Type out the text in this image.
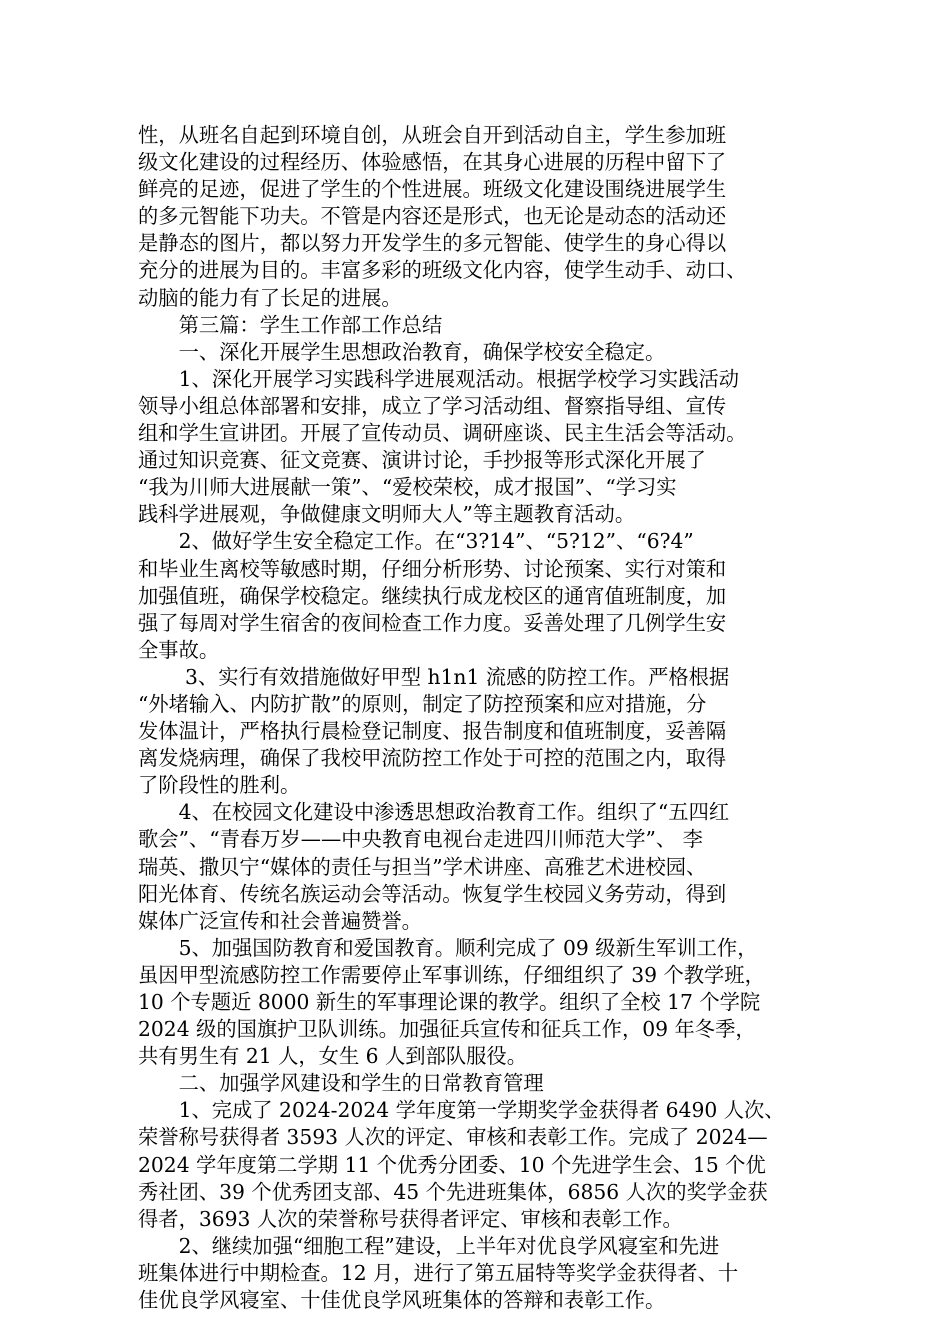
性，从班名自起到环境自创，从班会自开到活动自主，学生参加班
级文化建设的过程经历、体验感悟，在其身心进展的历程中留下了
鲜亮的足迹，促进了学生的个性进展。班级文化建设围绕进展学生
的多元智能下功夫。不管是内容还是形式，也无论是动态的活动还
是静态的图片，都以努力开发学生的多元智能、使学生的身心得以
充分的进展为目的。丰富多彩的班级文化内容，使学生动手、动口、
动脑的能力有了长足的进展。
　　第三篇：学生工作部工作总结
　　一、深化开展学生思想政治教育，确保学校安全稳定。
　　1、深化开展学习实践科学进展观活动。根据学校学习实践活动
领导小组总体部署和安排，成立了学习活动组、督察指导组、宣传
组和学生宣讲团。开展了宣传动员、调研座谈、民主生活会等活动。
通过知识竞赛、征文竞赛、演讲讨论，手抄报等形式深化开展了
“我为川师大进展献一策”、“爱校荣校，成才报国”、“学习实
践科学进展观，争做健康文明师大人”等主题教育活动。
　　2、做好学生安全稳定工作。在“3?14”、“5?12”、“6?4”
和毕业生离校等敏感时期，仔细分析形势、讨论预案、实行对策和
加强值班，确保学校稳定。继续执行成龙校区的通宵值班制度，加
强了每周对学生宿舍的夜间检查工作力度。妥善处理了几例学生安
全事故。
　　 3、实行有效措施做好甲型 h1n1 流感的防控工作。严格根据
“外堵输入、内防扩散”的原则，制定了防控预案和应对措施，分
发体温计，严格执行晨检登记制度、报告制度和值班制度，妥善隔
离发烧病理，确保了我校甲流防控工作处于可控的范围之内，取得
了阶段性的胜利。
　　4、在校园文化建设中渗透思想政治教育工作。组织了“五四红
歌会”、“青春万岁——中央教育电视台走进四川师范大学”、 李
瑞英、撒贝宁“媒体的责任与担当”学术讲座、高雅艺术进校园、
阳光体育、传统名族运动会等活动。恢复学生校园义务劳动，得到
媒体广泛宣传和社会普遍赞誉。
　　5、加强国防教育和爱国教育。顺利完成了 09 级新生军训工作，
虽因甲型流感防控工作需要停止军事训练，仔细组织了 39 个教学班，
10 个专题近 8000 新生的军事理论课的教学。组织了全校 17 个学院
2024 级的国旗护卫队训练。加强征兵宣传和征兵工作，09 年冬季，
共有男生有 21 人，女生 6 人到部队服役。
　　二、加强学风建设和学生的日常教育管理
　　1、完成了 2024-2024 学年度第一学期奖学金获得者 6490 人次、
荣誉称号获得者 3593 人次的评定、审核和表彰工作。完成了 2024—
2024 学年度第二学期 11 个优秀分团委、10 个先进学生会、15 个优
秀社团、39 个优秀团支部、45 个先进班集体，6856 人次的奖学金获
得者，3693 人次的荣誉称号获得者评定、审核和表彰工作。
　　2、继续加强“细胞工程”建设，上半年对优良学风寝室和先进
班集体进行中期检查。12 月，进行了第五届特等奖学金获得者、十
佳优良学风寝室、十佳优良学风班集体的答辩和表彰工作。
